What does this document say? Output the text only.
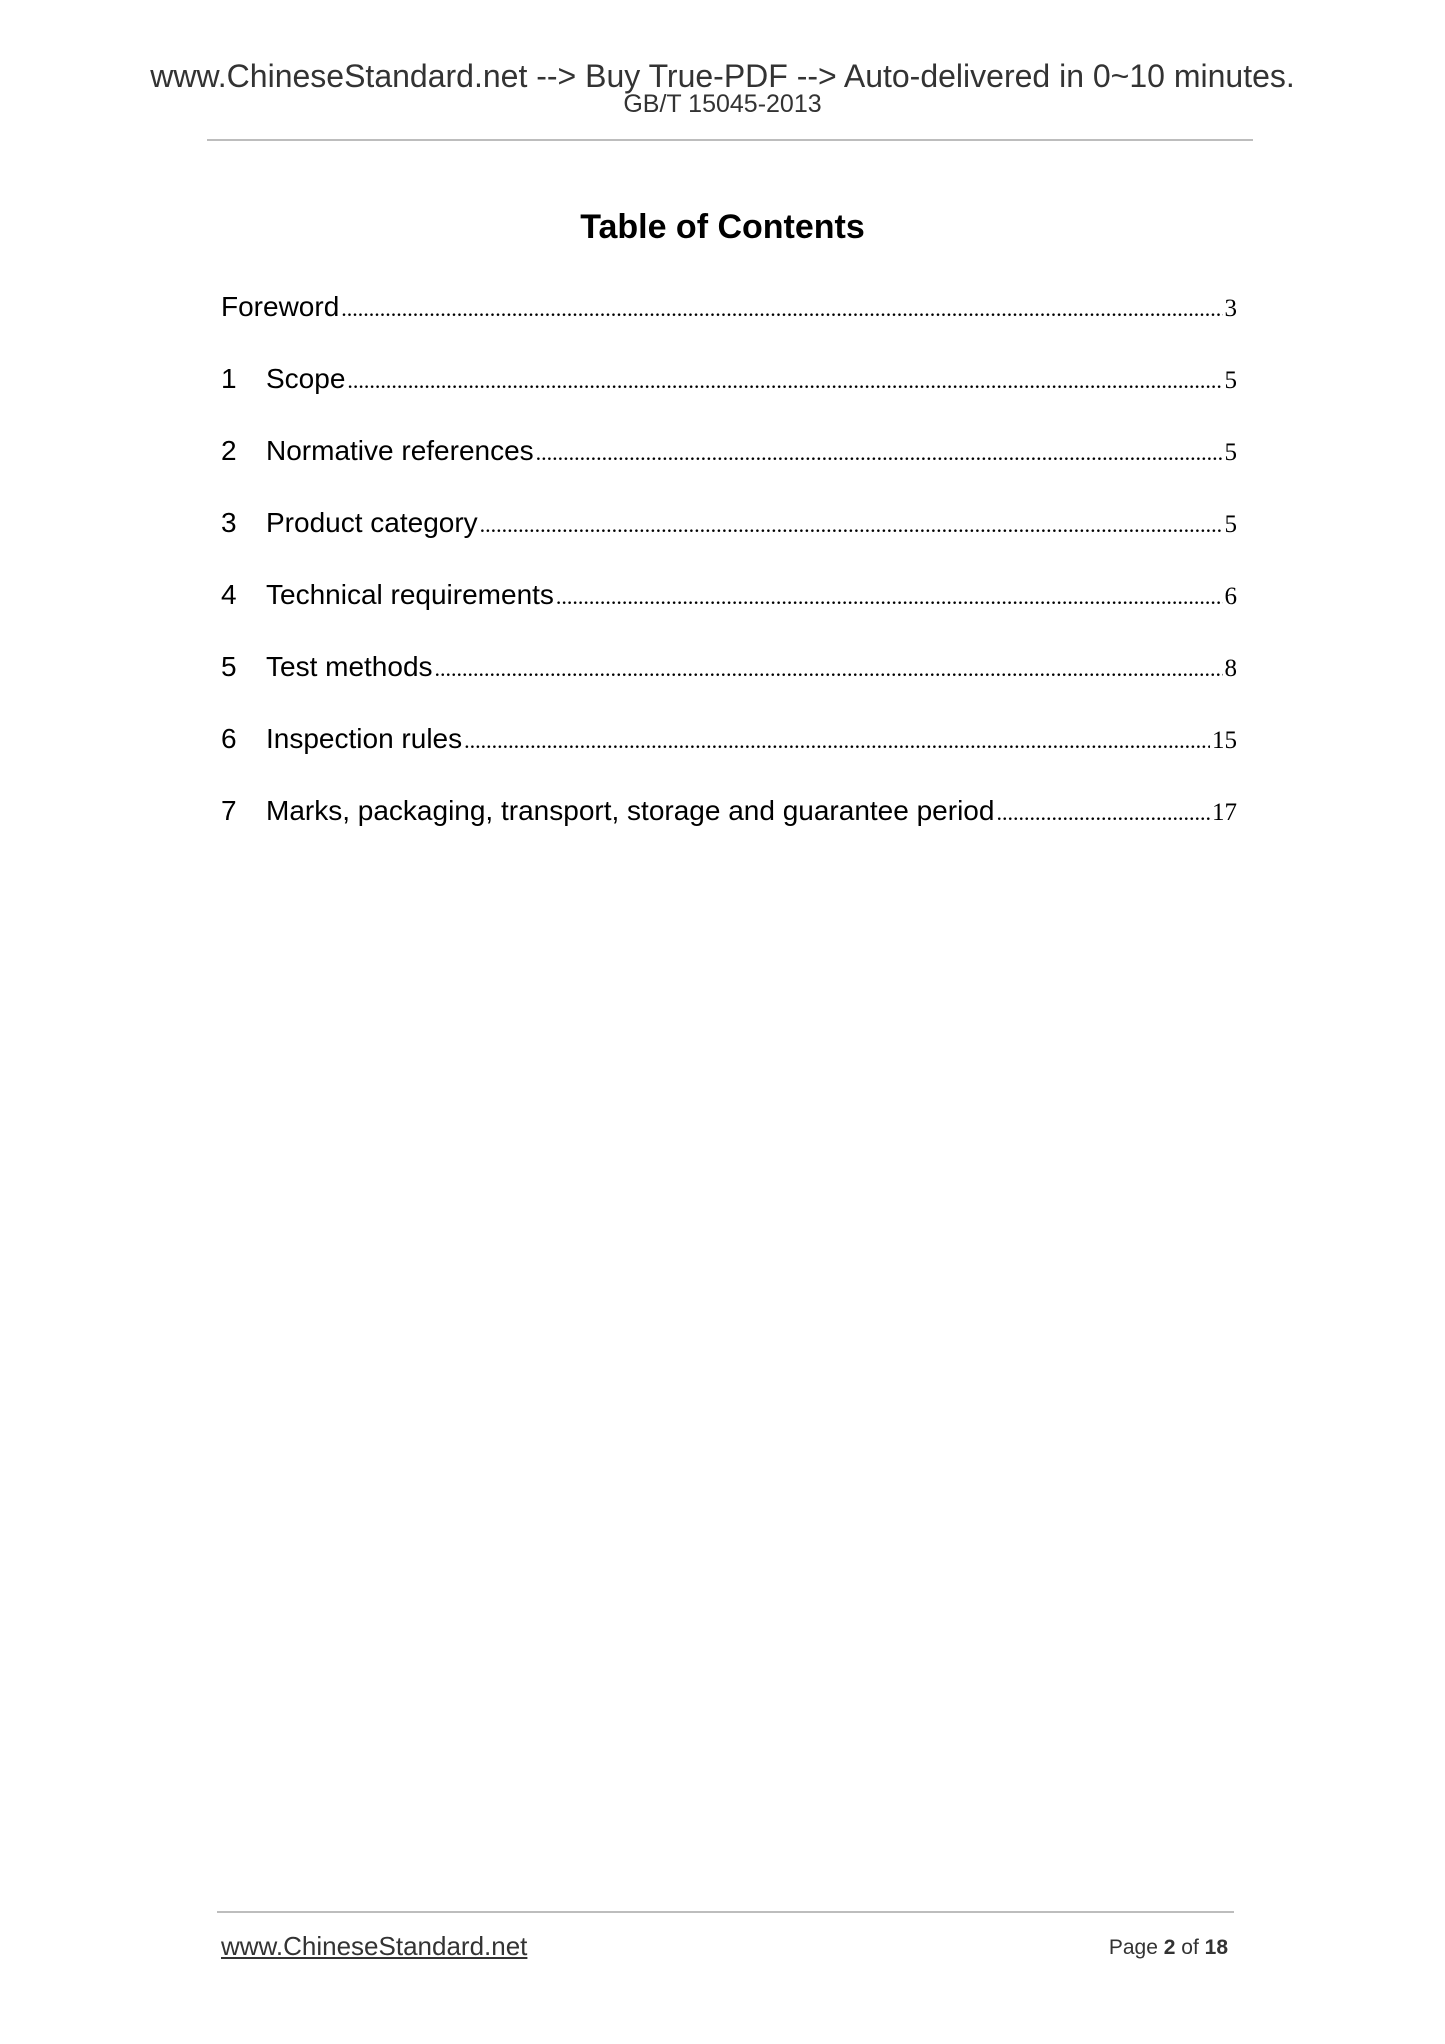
www.ChineseStandard.net --> Buy True-PDF --> Auto-delivered in 0~10 minutes.
GB/T 15045-2013
Table of Contents
Foreword .....	3
1	Scope .....	5
2	Normative references .....	5
3	Product category .....	5
4	Technical requirements .....	6
5	Test methods .....	8
6	Inspection rules .....	15
7	Marks, packaging, transport, storage and guarantee period .....	17
www.ChineseStandard.net	Page 2 of 18
